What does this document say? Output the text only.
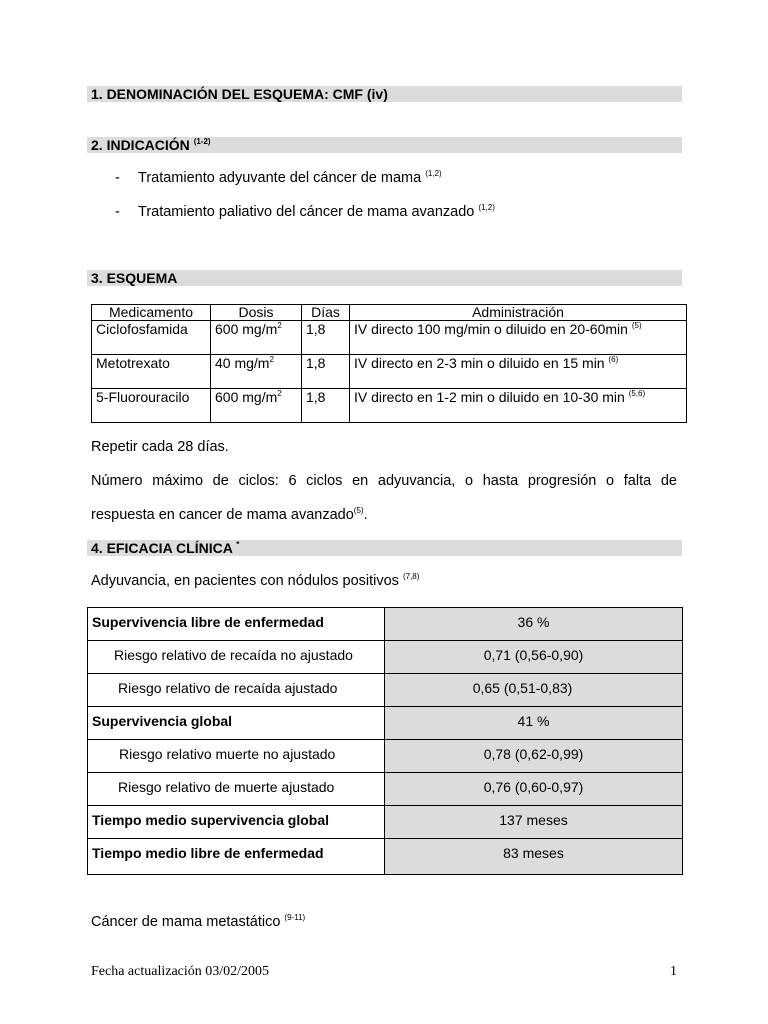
1. DENOMINACIÓN DEL ESQUEMA: CMF (iv)
2. INDICACIÓN $^{(1-2)}$
- Tratamiento adyuvante del cáncer de mama $^{(1,2)}$
- Tratamiento paliativo del cáncer de mama avanzado $^{(1,2)}$
3. ESQUEMA
Medicamento	Dosis	Días	Administración
Ciclofosfamida	600 $mg/m^2$	1,8	IV directo 100 mg/min o diluido en 20-60min $^{(5)}$
Metotrexato	40 $mg/m^2$	1,8	IV directo en 2-3 min o diluido en 15 min $^{(6)}$
5-Fluorouracilo	600 $mg/m^2$	1,8	IV directo en 1-2 min o diluido en 10-30 min $^{(5,6)}$
Repetir cada 28 días.
Número máximo de ciclos: 6 ciclos en adyuvancia, o hasta progresión o falta de
respuesta en cancer de mama avanzado$^{(5)}$.
4. EFICACIA CLÍNICA *
Adyuvancia, en pacientes con nódulos positivos $^{(7,8)}$
Supervivencia libre de enfermedad	36 %
Riesgo relativo de recaída no ajustado	0,71 (0,56-0,90)
Riesgo relativo de recaída ajustado	0,65 (0,51-0,83)
Supervivencia global	41 %
Riesgo relativo muerte no ajustado	0,78 (0,62-0,99)
Riesgo relativo de muerte ajustado	0,76 (0,60-0,97)
Tiempo medio supervivencia global	137 meses
Tiempo medio libre de enfermedad	83 meses
Cáncer de mama metastático $^{(9-11)}$
Fecha actualización 03/02/2005	1
